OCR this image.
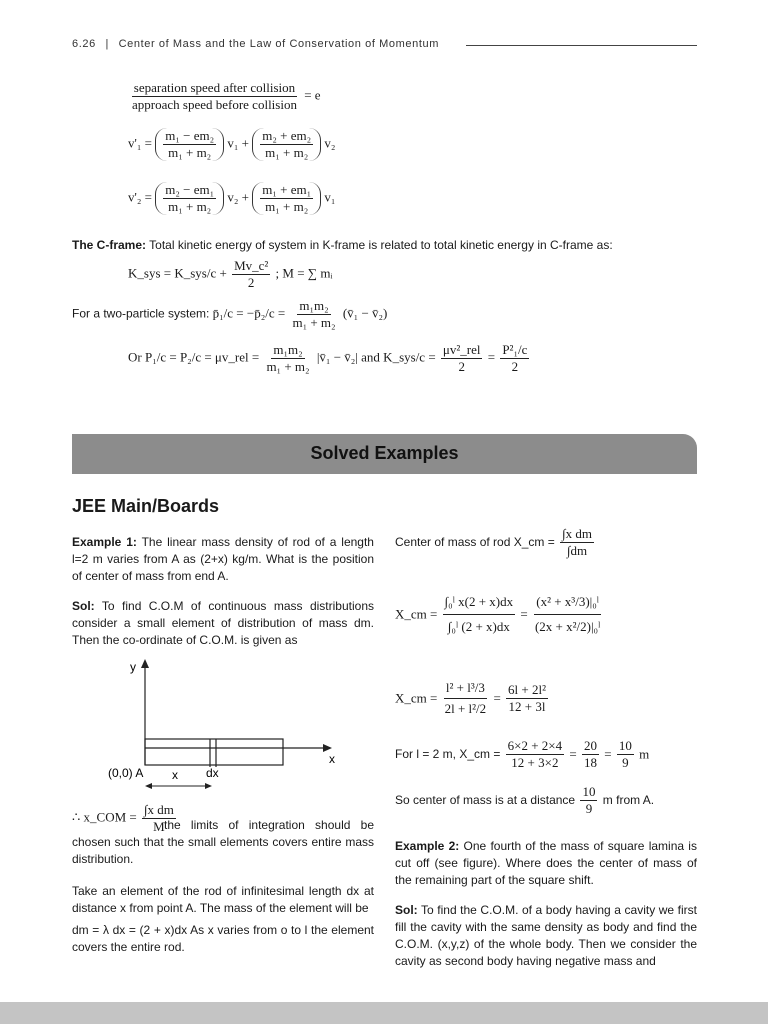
6.26 | Center of Mass and the Law of Conservation of Momentum
$\frac{\text{separation speed after collision}}{\text{approach speed before collision}} = e$
$v'_1 = \frac{\text{m₁ − em₂}}{\text{m₁ + m₂}} v_1 + \frac{\text{m₂ + em₂}}{\text{m₁ + m₂}} v_2$
$v'_2 = \frac{\text{m₂ − em₁}}{\text{m₁ + m₂}} v_2 + \frac{\text{m₁ + em₁}}{\text{m₁ + m₂}} v_1$
The C-frame: Total kinetic energy of system in K-frame is related to total kinetic energy in C-frame as:
K_sys = K_sys/c + $\frac{\text{Mv\_c²}}{2}$ ; M = ∑ mᵢ
For a two-particle system: p̄₁/c = −p̄₂/c = $\frac{\text{m₁m₂}}{\text{m₁ + m₂}}$ (v̄₁ − v̄₂)
Or P₁/c = P₂/c = μv_rel = $\frac{\text{m₁m₂}}{\text{m₁ + m₂}}$ |v̄₁ − v̄₂| and K_sys/c = $\frac{\text{μv²\_rel}}{2} = \frac{\text{P²₁/c}}{2}$
Solved Examples
JEE Main/Boards
Example 1: The linear mass density of rod of a length l=2 m varies from A as (2+x) kg/m. What is the position of center of mass from end A.
Sol: To find C.O.M of continuous mass distributions consider a small element of distribution of mass dm. Then the co-ordinate of C.O.M. is given as
y
x
(0,0) A x dx
∴ x_COM = $\frac{\text{∫x dm}}{M}$
the limits of integration should be chosen such that the small elements covers entire mass distribution.
Take an element of the rod of infinitesimal length dx at distance x from point A. The mass of the element will be
dm = λ dx = (2 + x)dx As x varies from o to l the element covers the entire rod.
Center of mass of rod X_cm = $\frac{\text{∫x dm}}{\int dm}$
X_cm = $\frac{\text{∫₀ˡ x(2 + x)dx}}{\text{∫₀ˡ (2 + x)dx}} = \frac{\text{(x² + x³/3)|₀ˡ}}{\text{(2x + x²/2)|₀ˡ}}$
X_cm = $\frac{\text{l² + l³/3}}{\text{2l + l²/2}} = \frac{\text{6l + 2l²}}{12 + 3l}$
For l = 2 m, X_cm = $\frac{6\times 2 + 2\times 4}{12 + 3\times 2} = \frac{20}{18} = \frac{10}{9}$ m
So center of mass is at a distance $\frac{10}{9}$ m from A.
Example 2: One fourth of the mass of square lamina is cut off (see figure). Where does the center of mass of the remaining part of the square shift.
Sol: To find the C.O.M. of a body having a cavity we first fill the cavity with the same density as body and find the C.O.M. (x,y,z) of the whole body. Then we consider the cavity as second body having negative mass and
